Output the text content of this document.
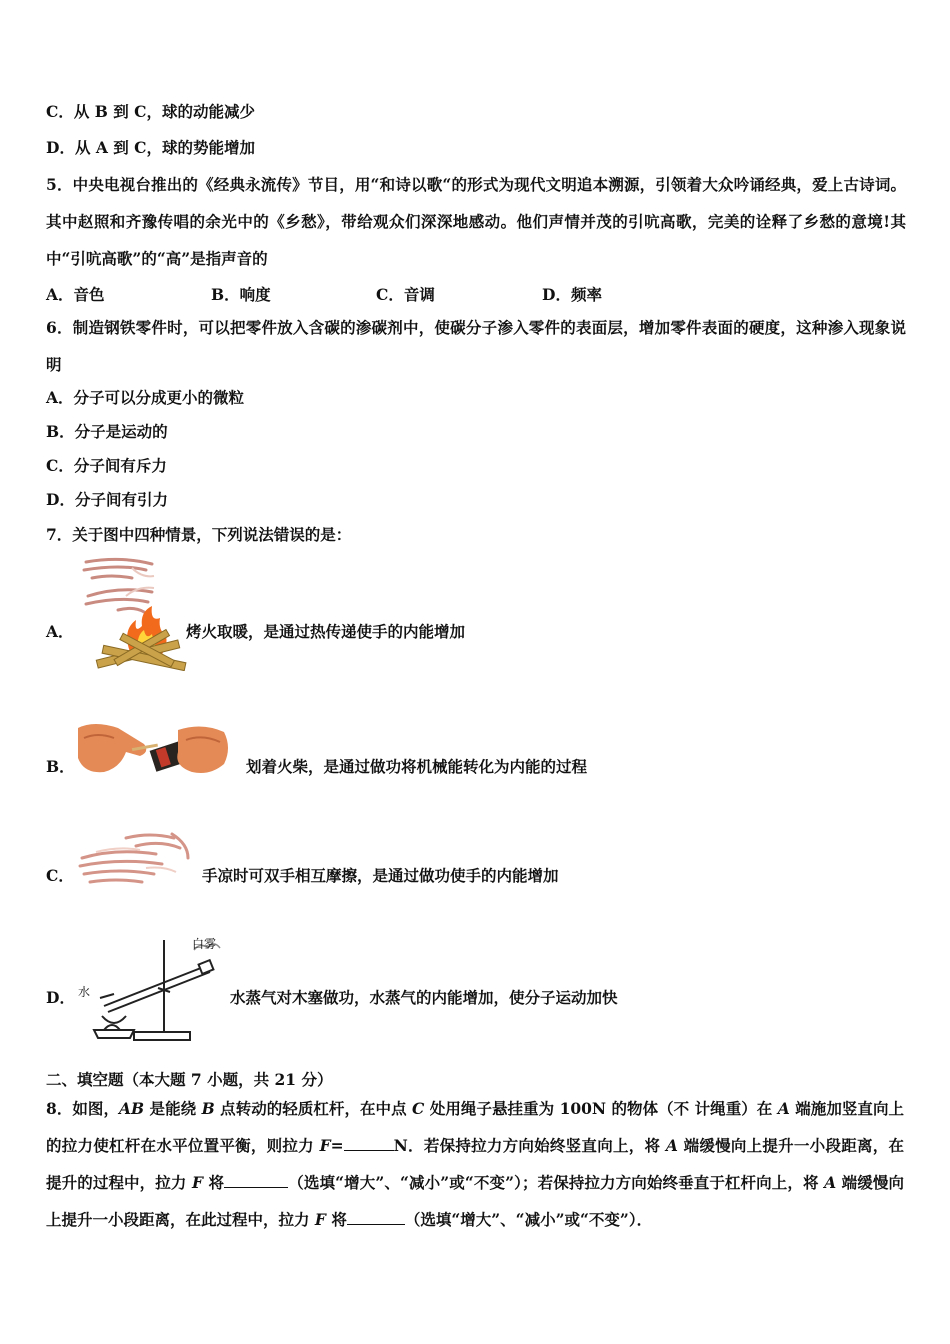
C．从 B 到 C，球的动能减少
D．从 A 到 C，球的势能增加
5．中央电视台推出的《经典永流传》节目，用“和诗以歌“的形式为现代文明追本溯源，引领着大众吟诵经典，爱上古诗词。其中赵照和齐豫传唱的余光中的《乡愁》，带给观众们深深地感动。他们声情并茂的引吭高歌，完美的诠释了乡愁的意境!其中“引吭高歌”的“高”是指声音的
A．音色	B．响度	C．音调	D．频率
6．制造钢铁零件时，可以把零件放入含碳的渗碳剂中，使碳分子渗入零件的表面层，增加零件表面的硬度，这种渗入现象说明
A．分子可以分成更小的微粒
B．分子是运动的
C．分子间有斥力
D．分子间有引力
7．关于图中四种情景，下列说法错误的是：
A．	烤火取暖，是通过热传递使手的内能增加
B．	划着火柴，是通过做功将机械能转化为内能的过程
C．	手凉时可双手相互摩擦，是通过做功使手的内能增加
D．
白雾
水	水蒸气对木塞做功，水蒸气的内能增加，使分子运动加快
二、填空题（本大题 7 小题，共 21 分）
8．如图，AB 是能绕 B 点转动的轻质杠杆，在中点 C 处用绳子悬挂重为 100N 的物体（不 计绳重）在 A 端施加竖直向上的拉力使杠杆在水平位置平衡，则拉力 F=	N．若保持拉力方向始终竖直向上，将 A 端缓慢向上提升一小段距离，在提升的过程中，拉力 F 将	（选填“增大”、“减小”或“不变”）；若保持拉力方向始终垂直于杠杆向上，将 A 端缓慢向上提升一小段距离，在此过程中，拉力 F 将	（选填“增大”、“减小”或“不变”）．
